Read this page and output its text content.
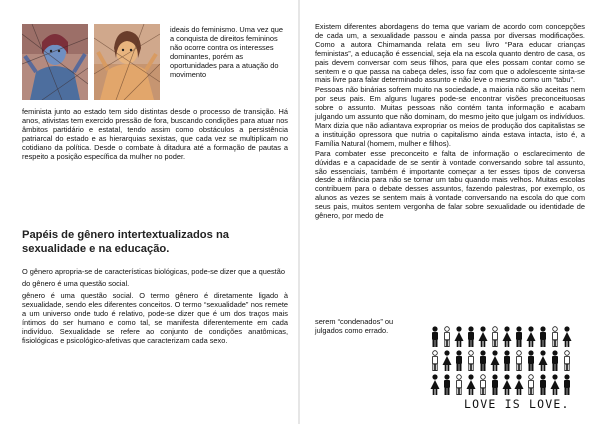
ideais do feminismo. Uma vez que a conquista de direitos femininos não ocorre contra os interesses dominantes, porém as oportunidades para a atuação do movimento

feminista junto ao estado tem sido distintas desde o processo de transição. Há anos, ativistas tem exercido pressão de fora, buscando condições para atuar nos âmbitos partidário e estatal, tendo assim como obstáculos a persistência patriarcal do estado e as hierarquias sexistas, que cada vez se multiplicam no cotidiano da política. Desde o combate à ditadura até a formação de pautas a respeito a posição específica da mulher no poder.

Papéis de gênero intertextualizados na sexualidade e na educação.

O gênero apropria-se de características biológicas, pode-se dizer que a questão do gênero é uma questão social.

gênero é uma questão social. O termo gênero é diretamente ligado à sexualidade, sendo eles diferentes conceitos. O termo “sexualidade” nos remete a um universo onde tudo é relativo, pode-se dizer que é um dos traços mais íntimos do ser humano e como tal, se manifesta diferentemente em cada indivíduo. Sexualidade se refere ao conjunto de condições anatômicas, fisiológicas e psicológico-afetivas que caracterizam cada sexo.

Existem diferentes abordagens do tema que variam de acordo com concepções de cada um, a sexualidade passou e ainda passa por diversas modificações. Como a autora Chimamanda relata em seu livro “Para educar crianças feministas”, a educação é essencial, seja ela na escola quanto dentro de casa, os pais devem conversar com seus filhos, para que eles possam contar como se sentem e o que passa na cabeça deles, isso faz com que o adolescente sinta-se mais livre para falar determinado assunto e não leve o mesmo como um “tabu”.

Pessoas não binárias sofrem muito na sociedade, a maioria não são aceitas nem por seus pais. Em alguns lugares pode-se encontrar visões preconceituosas sobre o assunto. Muitas pessoas não contém tanta informação e acabam julgando um assunto que não dominam, do mesmo jeito que julgam os indivíduos. Marx dizia que não adiantava expropriar os meios de produção dos capitalistas se a instituição opressora que nutria o capitalismo ainda estava intacta, isto é, a Família Natural (homem, mulher e filhos).

Para combater esse preconceito e falta de informação o esclarecimento de dúvidas e a capacidade de se sentir à vontade conversando sobre tal assunto, são essenciais, também é importante começar a ter esses tipos de conversa desde a infância para não se tornar um tabu quando mais velhos. Muitas escolas contribuem para o debate desses assuntos, fazendo palestras, por exemplo, os alunos as vezes se sentem mais à vontade conversando na escola do que com seus pais, muitos sentem vergonha de falar sobre sexualidade ou identidade de gênero, por medo de

serem “condenados” ou julgados como errado.

LOVE IS LOVE.
